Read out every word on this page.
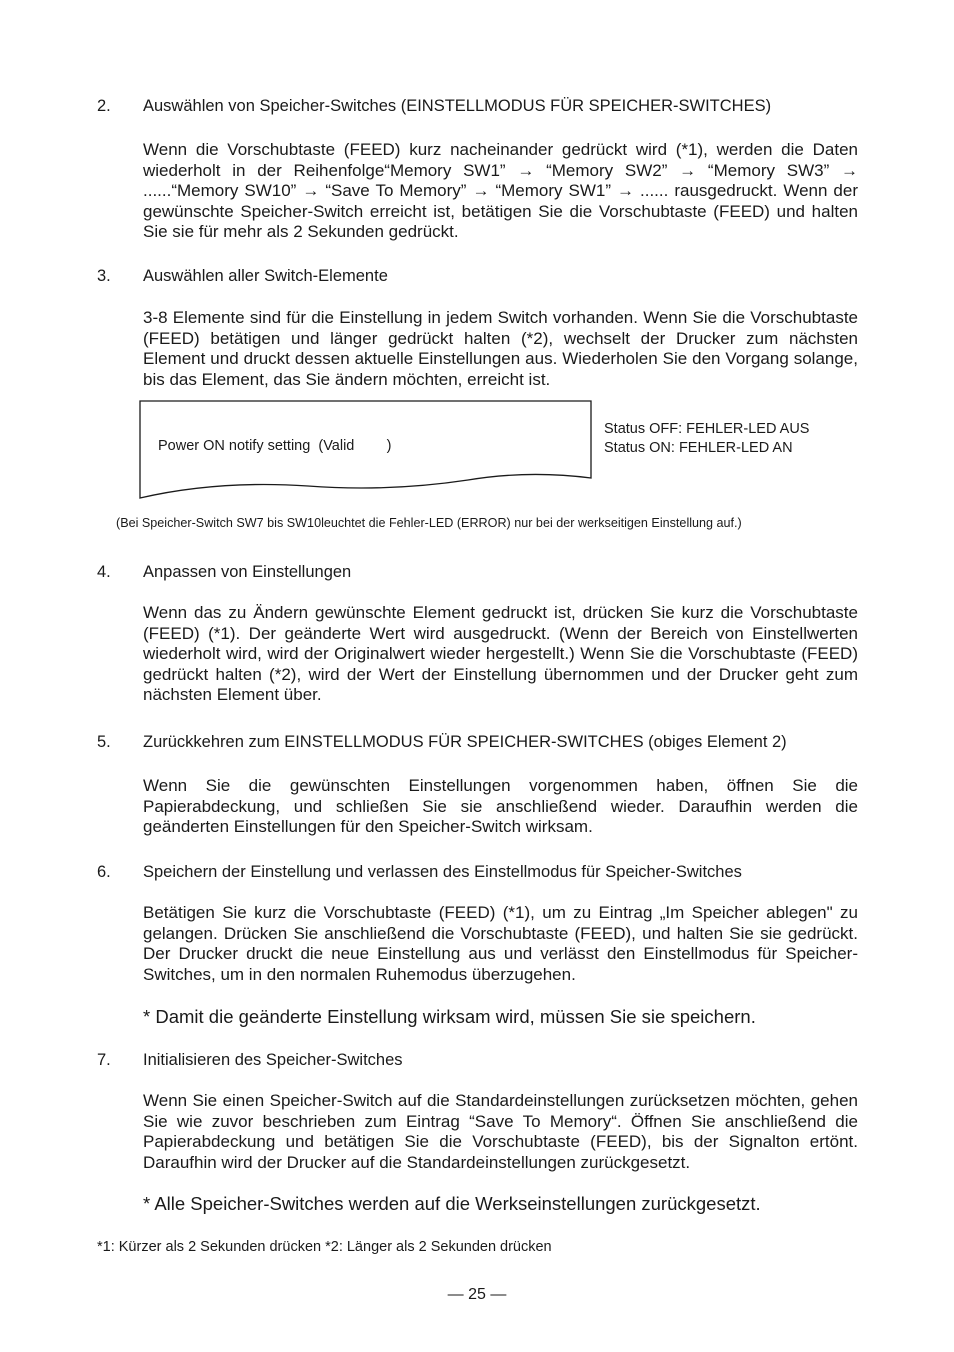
2. Auswählen von Speicher-Switches (EINSTELLMODUS FÜR SPEICHER-SWITCHES)
Wenn die Vorschubtaste (FEED) kurz nacheinander gedrückt wird (*1), werden die Daten wiederholt in der Reihenfolge“Memory SW1” → “Memory SW2” → “Memory SW3” → ......“Memory SW10” → “Save To Memory” → “Memory SW1” → ...... rausgedruckt. Wenn der gewünschte Speicher-Switch erreicht ist, betätigen Sie die Vorschubtaste (FEED) und halten Sie sie für mehr als 2 Sekunden gedrückt.
3. Auswählen aller Switch-Elemente
3-8 Elemente sind für die Einstellung in jedem Switch vorhanden. Wenn Sie die Vorschubtaste (FEED) betätigen und länger gedrückt halten (*2), wechselt der Drucker zum nächsten Element und druckt dessen aktuelle Einstellungen aus. Wiederholen Sie den Vorgang solange, bis das Element, das Sie ändern möchten, erreicht ist.
Power ON notify setting  (Valid        )
Status OFF: FEHLER-LED AUS
Status ON: FEHLER-LED AN
(Bei Speicher-Switch SW7 bis SW10leuchtet die Fehler-LED (ERROR) nur bei der werkseitigen Einstellung auf.)
4. Anpassen von Einstellungen
Wenn das zu Ändern gewünschte Element gedruckt ist, drücken Sie kurz die Vorschubtaste (FEED) (*1). Der geänderte Wert wird ausgedruckt. (Wenn der Bereich von Einstellwerten wiederholt wird, wird der Originalwert wieder hergestellt.) Wenn Sie die Vorschubtaste (FEED) gedrückt halten (*2), wird der Wert der Einstellung übernommen und der Drucker geht zum nächsten Element über.
5. Zurückkehren zum EINSTELLMODUS FÜR SPEICHER-SWITCHES (obiges Element 2)
Wenn Sie die gewünschten Einstellungen vorgenommen haben, öffnen Sie die Papierabdeckung, und schließen Sie sie anschließend wieder. Daraufhin werden die geänderten Einstellungen für den Speicher-Switch wirksam.
6. Speichern der Einstellung und verlassen des Einstellmodus für Speicher-Switches
Betätigen Sie kurz die Vorschubtaste (FEED) (*1), um zu Eintrag „Im Speicher ablegen" zu gelangen. Drücken Sie anschließend die Vorschubtaste (FEED), und halten Sie sie gedrückt. Der Drucker druckt die neue Einstellung aus und verlässt den Einstellmodus für Speicher-Switches, um in den normalen Ruhemodus überzugehen.
* Damit die geänderte Einstellung wirksam wird, müssen Sie sie speichern.
7. Initialisieren des Speicher-Switches
Wenn Sie einen Speicher-Switch auf die Standardeinstellungen zurücksetzen möchten, gehen Sie wie zuvor beschrieben zum Eintrag “Save To Memory“. Öffnen Sie anschließend die Papierabdeckung und betätigen Sie die Vorschubtaste (FEED), bis der Signalton ertönt. Daraufhin wird der Drucker auf die Standardeinstellungen zurückgesetzt.
* Alle Speicher-Switches werden auf die Werkseinstellungen zurückgesetzt.
*1: Kürzer als 2 Sekunden drücken *2: Länger als 2 Sekunden drücken
— 25 —
